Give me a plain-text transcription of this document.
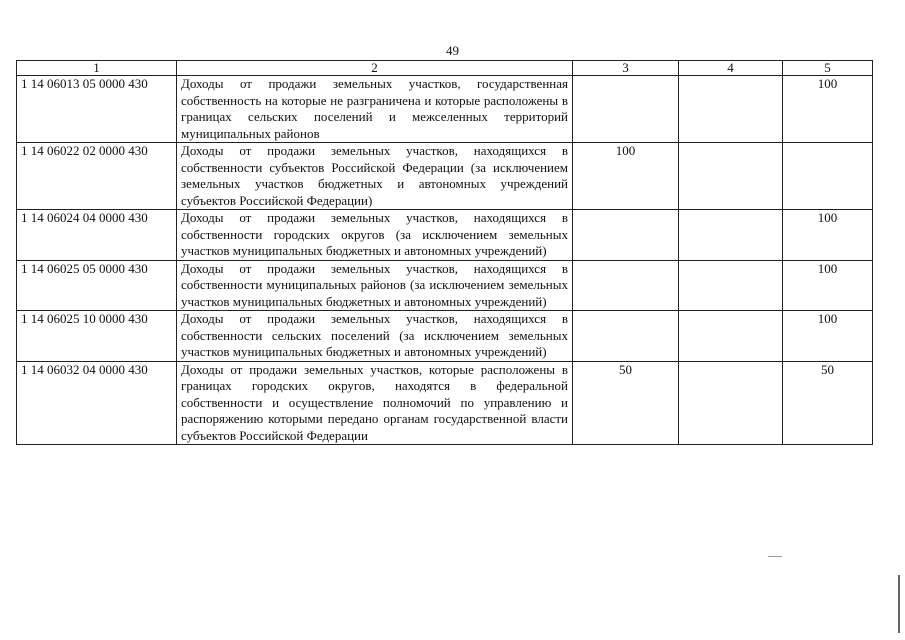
49
1	2	3	4	5
1 14 06013 05 0000 430	Доходы от продажи земельных участков, государственная собственность на которые не разграничена и которые расположены в границах сельских поселений и межселенных территорий муниципальных районов			100
1 14 06022 02 0000 430	Доходы от продажи земельных участков, находящихся в собственности субъектов Российской Федерации (за исключением земельных участков бюджетных и автономных учреждений субъектов Российской Федерации)	100		
1 14 06024 04 0000 430	Доходы от продажи земельных участков, находящихся в собственности городских округов (за исключением земельных участков муниципальных бюджетных и автономных учреждений)			100
1 14 06025 05 0000 430	Доходы от продажи земельных участков, находящихся в собственности муниципальных районов (за исключением земельных участков муниципальных бюджетных и автономных учреждений)			100
1 14 06025 10 0000 430	Доходы от продажи земельных участков, находящихся в собственности сельских поселений (за исключением земельных участков муниципальных бюджетных и автономных учреждений)			100
1 14 06032 04 0000 430	Доходы от продажи земельных участков, которые расположены в границах городских округов, находятся в федеральной собственности и осуществление полномочий по управлению и распоряжению которыми передано органам государственной власти субъектов Российской Федерации	50		50
